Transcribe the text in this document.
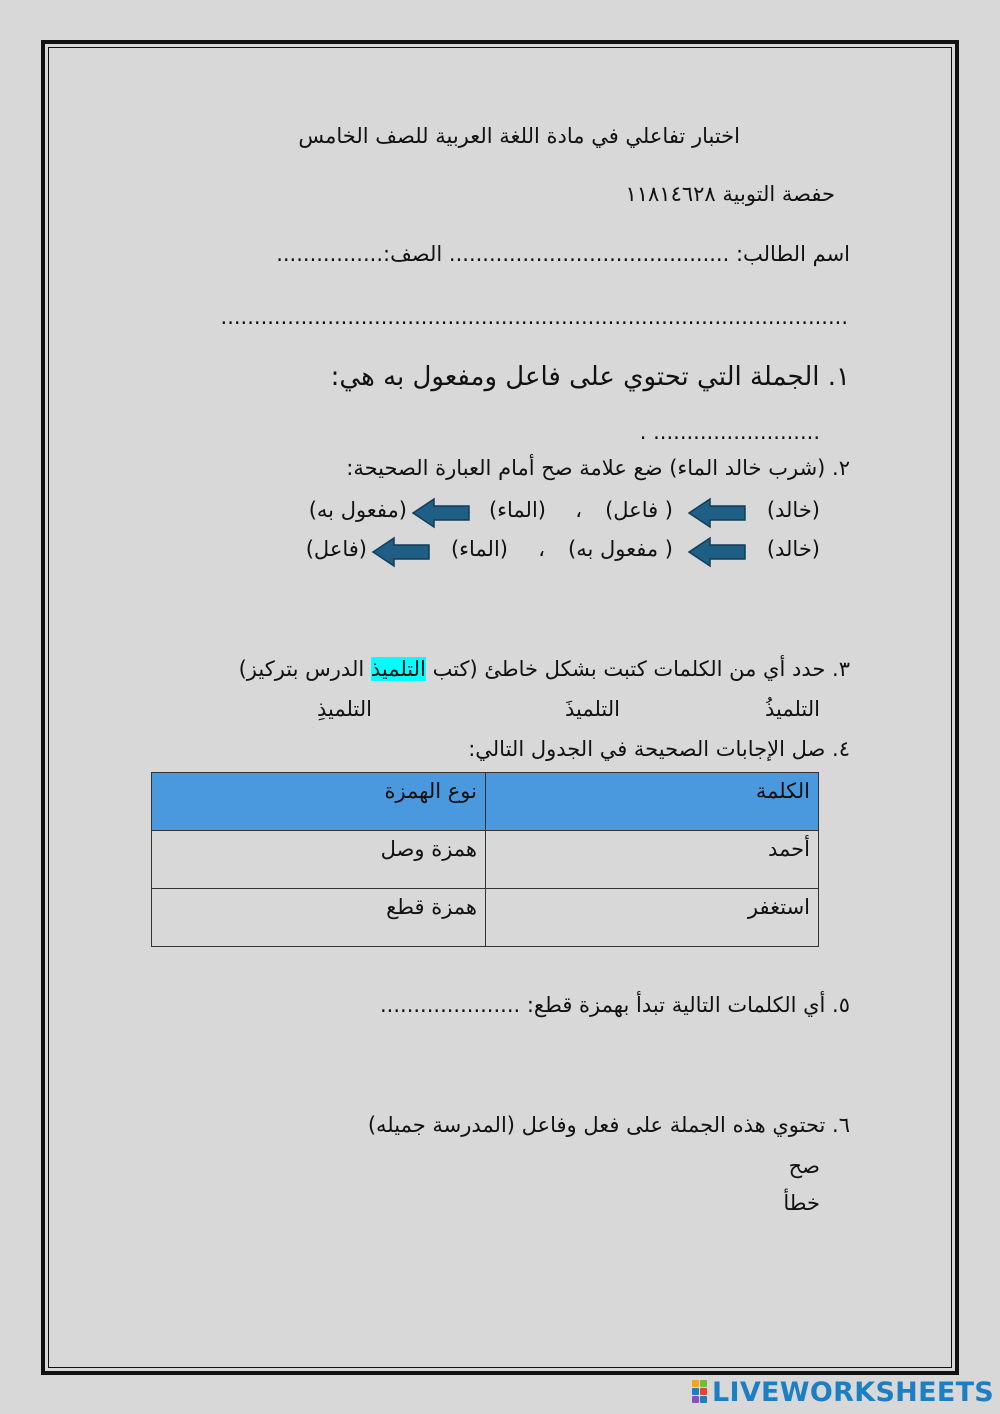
اختبار تفاعلي في مادة اللغة العربية للصف الخامس
حفصة التوبية ١١٨١٤٦٢٨
اسم الطالب: .......................................... الصف:................
..............................................................................................
١. الجملة التي تحتوي على فاعل ومفعول به هي:
......................... .
٢. (شرب خالد الماء) ضع علامة صح أمام العبارة الصحيحة:
(خالد)
( فاعل)
،
(الماء)
(مفعول به)
(خالد)
( مفعول به)
،
(الماء)
(فاعل)
٣. حدد أي من الكلمات كتبت بشكل خاطئ (كتب التلميذ الدرس بتركيز)
التلميذُ
التلميذَ
التلميذِ
٤. صل الإجابات الصحيحة في الجدول التالي:
الكلمة	نوع الهمزة
أحمد	همزة وصل
استغفر	همزة قطع
٥. أي الكلمات التالية تبدأ بهمزة قطع: .....................
٦. تحتوي هذه الجملة على فعل وفاعل (المدرسة جميله)
صح
خطأ
LIVEWORKSHEETS
